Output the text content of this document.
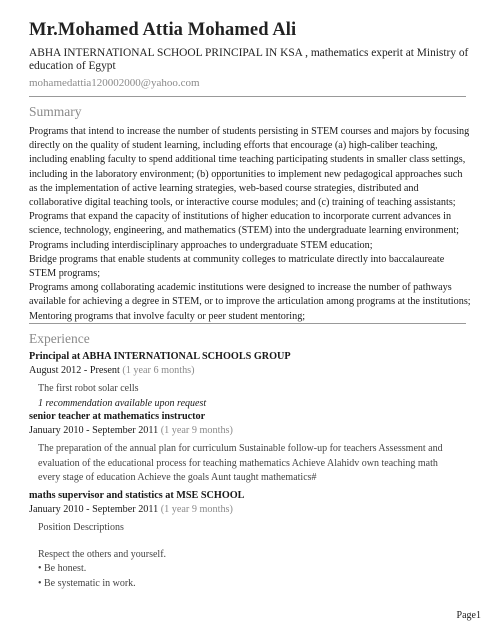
Mr.Mohamed Attia Mohamed Ali
ABHA INTERNATIONAL SCHOOL PRINCIPAL IN KSA , mathematics experit at Ministry of education of Egypt
mohamedattia120002000@yahoo.com
Summary

Programs that intend to increase the number of students persisting in STEM courses and majors by focusing directly on the quality of student learning, including efforts that encourage (a) high-caliber teaching, including enabling faculty to spend additional time teaching participating students in smaller class settings, including in the laboratory environment; (b) opportunities to implement new pedagogical approaches such as the implementation of active learning strategies, web-based course strategies, distributed and collaborative digital teaching tools, or interactive course modules; and (c) training of teaching assistants;

Programs that expand the capacity of institutions of higher education to incorporate current advances in science, technology, engineering, and mathematics (STEM) into the undergraduate learning environment;

Programs including interdisciplinary approaches to undergraduate STEM education;

Bridge programs that enable students at community colleges to matriculate directly into baccalaureate STEM programs;

Programs among collaborating academic institutions were designed to increase the number of pathways available for achieving a degree in STEM, or to improve the articulation among programs at the institutions;

Mentoring programs that involve faculty or peer student mentoring;

Experience
Principal at ABHA INTERNATIONAL SCHOOLS GROUP
August 2012 - Present (1 year 6 months)

The first robot solar cells

1 recommendation available upon request

senior teacher at mathematics instructor
January 2010 - September 2011 (1 year 9 months)

The preparation of the annual plan for curriculum Sustainable follow-up for teachers Assessment and evaluation of the educational process for teaching mathematics Achieve Alahidv own teaching math every stage of education Achieve the goals Aunt taught mathematics#

maths supervisor and statistics at MSE SCHOOL
January 2010 - September 2011 (1 year 9 months)

Position Descriptions

Respect the others and yourself.

• Be honest.

• Be systematic in work.

Page1
